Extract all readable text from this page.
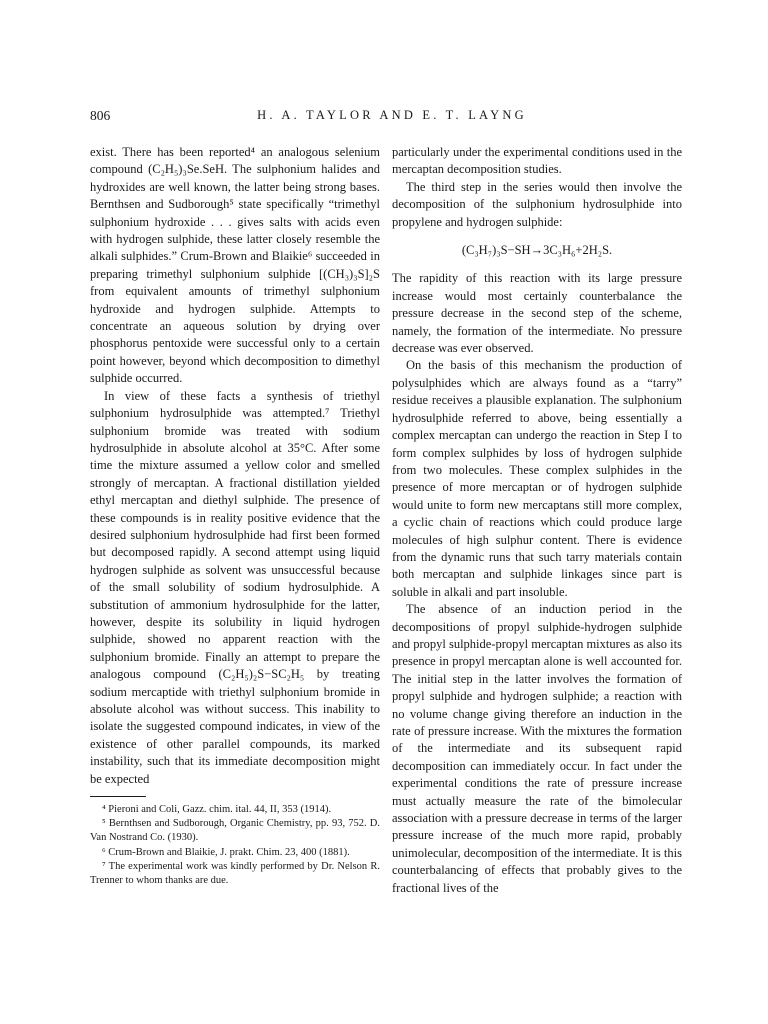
806	H. A. TAYLOR AND E. T. LAYNG

exist. There has been reported⁴ an analogous selenium compound (C₂H₅)₃Se.SeH. The sulphonium halides and hydroxides are well known, the latter being strong bases. Bernthsen and Sudborough⁵ state specifically “trimethyl sulphonium hydroxide . . . gives salts with acids even with hydrogen sulphide, these latter closely resemble the alkali sulphides.” Crum-Brown and Blaikie⁶ succeeded in preparing trimethyl sulphonium sulphide [(CH₃)₃S]₂S from equivalent amounts of trimethyl sulphonium hydroxide and hydrogen sulphide. Attempts to concentrate an aqueous solution by drying over phosphorus pentoxide were successful only to a certain point however, beyond which decomposition to dimethyl sulphide occurred.

In view of these facts a synthesis of triethyl sulphonium hydrosulphide was attempted.⁷ Triethyl sulphonium bromide was treated with sodium hydrosulphide in absolute alcohol at 35°C. After some time the mixture assumed a yellow color and smelled strongly of mercaptan. A fractional distillation yielded ethyl mercaptan and diethyl sulphide. The presence of these compounds is in reality positive evidence that the desired sulphonium hydrosulphide had first been formed but decomposed rapidly. A second attempt using liquid hydrogen sulphide as solvent was unsuccessful because of the small solubility of sodium hydrosulphide. A substitution of ammonium hydrosulphide for the latter, however, despite its solubility in liquid hydrogen sulphide, showed no apparent reaction with the sulphonium bromide. Finally an attempt to prepare the analogous compound (C₂H₅)₂S−SC₂H₅ by treating sodium mercaptide with triethyl sulphonium bromide in absolute alcohol was without success. This inability to isolate the suggested compound indicates, in view of the existence of other parallel compounds, its marked instability, such that its immediate decomposition might be expected

⁴ Pieroni and Coli, Gazz. chim. ital. 44, II, 353 (1914).

⁵ Bernthsen and Sudborough, Organic Chemistry, pp. 93, 752. D. Van Nostrand Co. (1930).

⁶ Crum-Brown and Blaikie, J. prakt. Chim. 23, 400 (1881).

⁷ The experimental work was kindly performed by Dr. Nelson R. Trenner to whom thanks are due.

particularly under the experimental conditions used in the mercaptan decomposition studies.

The third step in the series would then involve the decomposition of the sulphonium hydrosulphide into propylene and hydrogen sulphide:

(C₃H₇)₃S−SH→3C₃H₆+2H₂S.

The rapidity of this reaction with its large pressure increase would most certainly counterbalance the pressure decrease in the second step of the scheme, namely, the formation of the intermediate. No pressure decrease was ever observed.

On the basis of this mechanism the production of polysulphides which are always found as a “tarry” residue receives a plausible explanation. The sulphonium hydrosulphide referred to above, being essentially a complex mercaptan can undergo the reaction in Step I to form complex sulphides by loss of hydrogen sulphide from two molecules. These complex sulphides in the presence of more mercaptan or of hydrogen sulphide would unite to form new mercaptans still more complex, a cyclic chain of reactions which could produce large molecules of high sulphur content. There is evidence from the dynamic runs that such tarry materials contain both mercaptan and sulphide linkages since part is soluble in alkali and part insoluble.

The absence of an induction period in the decompositions of propyl sulphide-hydrogen sulphide and propyl sulphide-propyl mercaptan mixtures as also its presence in propyl mercaptan alone is well accounted for. The initial step in the latter involves the formation of propyl sulphide and hydrogen sulphide; a reaction with no volume change giving therefore an induction in the rate of pressure increase. With the mixtures the formation of the intermediate and its subsequent rapid decomposition can immediately occur. In fact under the experimental conditions the rate of pressure increase must actually measure the rate of the bimolecular association with a pressure decrease in terms of the larger pressure increase of the much more rapid, probably unimolecular, decomposition of the intermediate. It is this counterbalancing of effects that probably gives to the fractional lives of the
